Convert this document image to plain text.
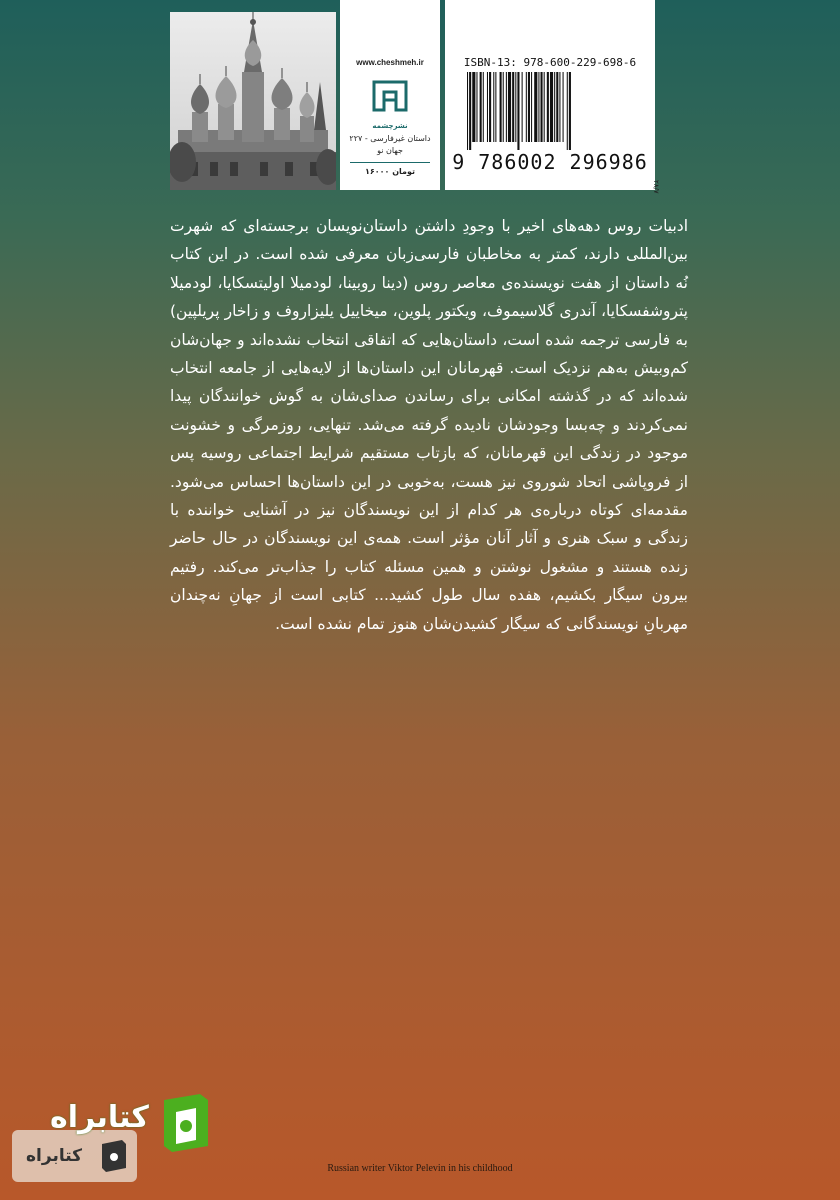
www.cheshmeh.ir
نشرچشمه
داستان غیرفارسی - ۲۲۷
جهان نو
۱۶۰۰۰ تومان
ISBN-13: 978-600-229-698-6
9 786002 296986
۲۸/۷

ادبیات روس دهه‌های اخیر با وجودِ داشتن داستان‌نویسان برجسته‌ای که شهرت بین‌المللی دارند، کمتر به مخاطبان فارسی‌زبان معرفی شده است. در این کتاب نُه داستان از هفت نویسنده‌ی معاصر روس (دینا روبینا، لودمیلا اولیتسکایا، لودمیلا پتروشفسکایا، آندری گلاسیموف، ویکتور پلوین، میخاییل یلیزاروف و زاخار پریلپین) به فارسی ترجمه شده است، داستان‌هایی که اتفاقی انتخاب نشده‌اند و جهان‌شان کم‌وبیش به‌هم نزدیک است. قهرمانان این داستان‌ها از لایه‌هایی از جامعه انتخاب شده‌اند که در گذشته امکانی برای رساندن صدای‌شان به گوش خوانندگان پیدا نمی‌کردند و چه‌بسا وجودشان نادیده گرفته می‌شد. تنهایی، روزمرگی و خشونت موجود در زندگی این قهرمانان، که بازتاب مستقیم شرایط اجتماعی روسیه پس از فروپاشی اتحاد شوروی نیز هست، به‌خوبی در این داستان‌ها احساس می‌شود. مقدمه‌ای کوتاه درباره‌ی هر کدام از این نویسندگان نیز در آشنایی خواننده با زندگی و سبک هنری و آثار آنان مؤثر است. همه‌ی این نویسندگان در حال حاضر زنده هستند و مشغول نوشتن و همین مسئله کتاب را جذاب‌تر می‌کند. رفتیم بیرون سیگار بکشیم، هفده سال طول کشید... کتابی است از جهانِ نه‌چندان مهربانِ نویسندگانی که سیگار کشیدن‌شان هنوز تمام نشده است.

کتابراه
کتابراه
Russian writer Viktor Pelevin in his childhood
